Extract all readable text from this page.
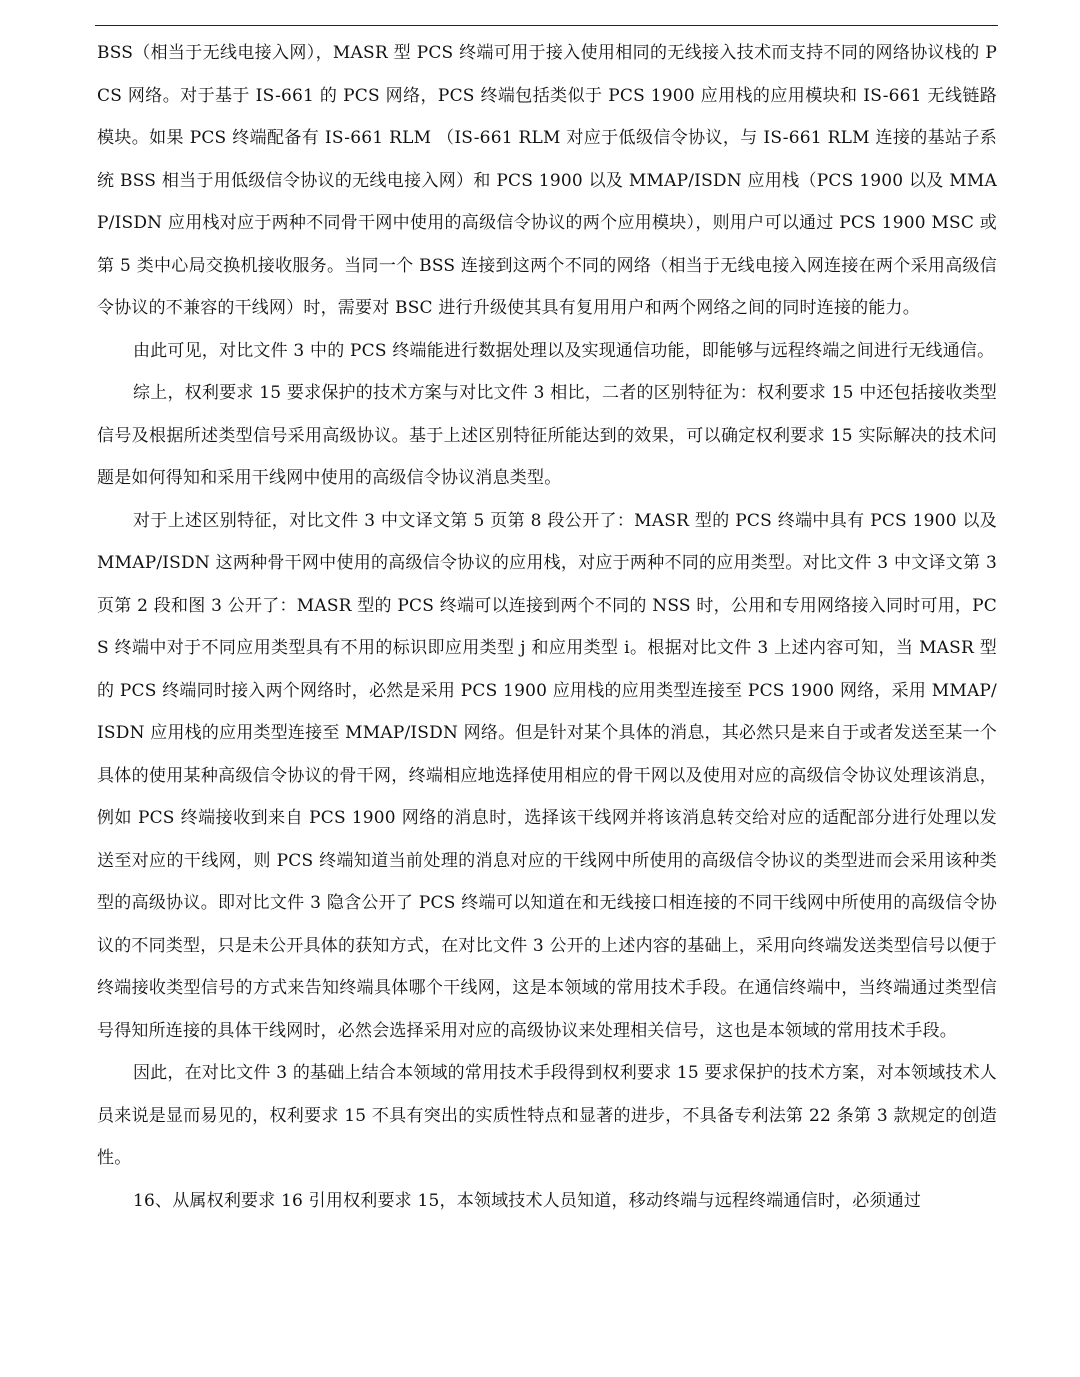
BSS（相当于无线电接入网），MASR 型 PCS 终端可用于接入使用相同的无线接入技术而支持不同的网络协议栈的 PCS 网络。对于基于 IS-661 的 PCS 网络，PCS 终端包括类似于 PCS 1900 应用栈的应用模块和 IS-661 无线链路模块。如果 PCS 终端配备有 IS-661 RLM （IS-661 RLM 对应于低级信令协议，与 IS-661 RLM 连接的基站子系统 BSS 相当于用低级信令协议的无线电接入网）和 PCS 1900 以及 MMAP/ISDN 应用栈（PCS 1900 以及 MMAP/ISDN 应用栈对应于两种不同骨干网中使用的高级信令协议的两个应用模块），则用户可以通过 PCS 1900 MSC 或第 5 类中心局交换机接收服务。当同一个 BSS 连接到这两个不同的网络（相当于无线电接入网连接在两个采用高级信令协议的不兼容的干线网）时，需要对 BSC 进行升级使其具有复用用户和两个网络之间的同时连接的能力。

由此可见，对比文件 3 中的 PCS 终端能进行数据处理以及实现通信功能，即能够与远程终端之间进行无线通信。

综上，权利要求 15 要求保护的技术方案与对比文件 3 相比，二者的区别特征为：权利要求 15 中还包括接收类型信号及根据所述类型信号采用高级协议。基于上述区别特征所能达到的效果，可以确定权利要求 15 实际解决的技术问题是如何得知和采用干线网中使用的高级信令协议消息类型。

对于上述区别特征，对比文件 3 中文译文第 5 页第 8 段公开了：MASR 型的 PCS 终端中具有 PCS 1900 以及 MMAP/ISDN 这两种骨干网中使用的高级信令协议的应用栈，对应于两种不同的应用类型。对比文件 3 中文译文第 3 页第 2 段和图 3 公开了：MASR 型的 PCS 终端可以连接到两个不同的 NSS 时，公用和专用网络接入同时可用，PCS 终端中对于不同应用类型具有不用的标识即应用类型 j 和应用类型 i。根据对比文件 3 上述内容可知，当 MASR 型的 PCS 终端同时接入两个网络时，必然是采用 PCS 1900 应用栈的应用类型连接至 PCS 1900 网络，采用 MMAP/ISDN 应用栈的应用类型连接至 MMAP/ISDN 网络。但是针对某个具体的消息，其必然只是来自于或者发送至某一个具体的使用某种高级信令协议的骨干网，终端相应地选择使用相应的骨干网以及使用对应的高级信令协议处理该消息，例如 PCS 终端接收到来自 PCS 1900 网络的消息时，选择该干线网并将该消息转交给对应的适配部分进行处理以发送至对应的干线网，则 PCS 终端知道当前处理的消息对应的干线网中所使用的高级信令协议的类型进而会采用该种类型的高级协议。即对比文件 3 隐含公开了 PCS 终端可以知道在和无线接口相连接的不同干线网中所使用的高级信令协议的不同类型，只是未公开具体的获知方式，在对比文件 3 公开的上述内容的基础上，采用向终端发送类型信号以便于终端接收类型信号的方式来告知终端具体哪个干线网，这是本领域的常用技术手段。在通信终端中，当终端通过类型信号得知所连接的具体干线网时，必然会选择采用对应的高级协议来处理相关信号，这也是本领域的常用技术手段。

因此，在对比文件 3 的基础上结合本领域的常用技术手段得到权利要求 15 要求保护的技术方案，对本领域技术人员来说是显而易见的，权利要求 15 不具有突出的实质性特点和显著的进步，不具备专利法第 22 条第 3 款规定的创造性。

16、从属权利要求 16 引用权利要求 15，本领域技术人员知道，移动终端与远程终端通信时，必须通过
